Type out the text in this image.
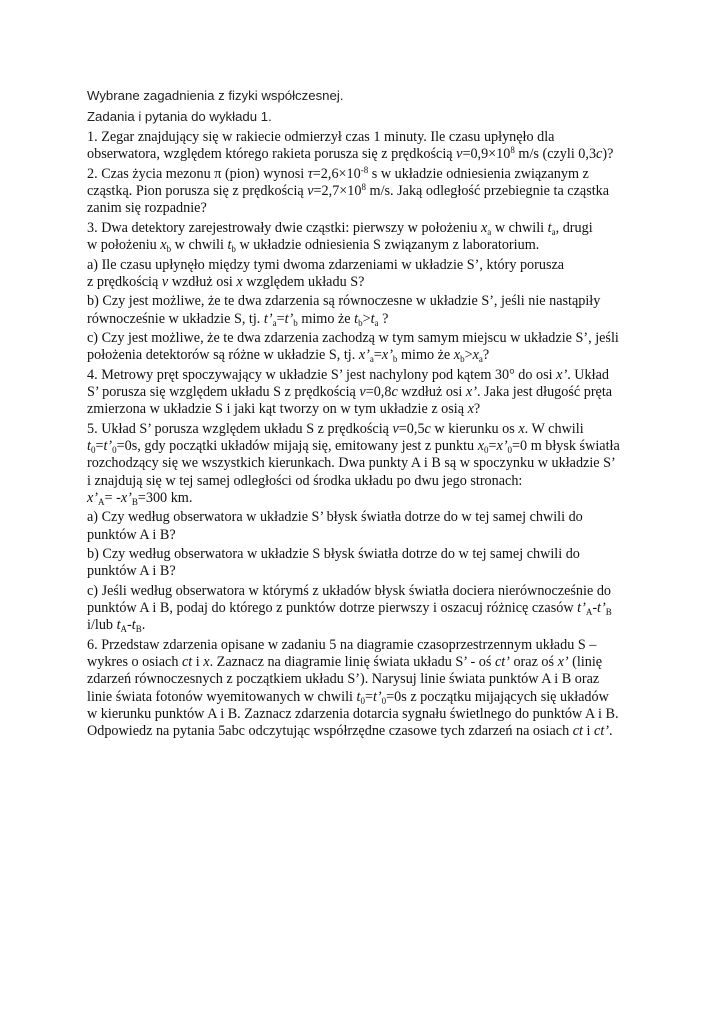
Wybrane zagadnienia z fizyki współczesnej.
Zadania i pytania do wykładu 1.
1. Zegar znajdujący się w rakiecie odmierzył czas 1 minuty. Ile czasu upłynęło dla
obserwatora, względem którego rakieta porusza się z prędkością $v=0,9\times 10^8$ m/s (czyli 0,3c)?
2. Czas życia mezonu π (pion) wynosi $\tau=2,6\times 10^{-8}$ s w układzie odniesienia związanym z
cząstką. Pion porusza się z prędkością $v=2,7\times 10^8$ m/s. Jaką odległość przebiegnie ta cząstka
zanim się rozpadnie?
3. Dwa detektory zarejestrowały dwie cząstki: pierwszy w położeniu $x_a$ w chwili $t_a$, drugi
w położeniu $x_b$ w chwili $t_b$ w układzie odniesienia S związanym z laboratorium.
a) Ile czasu upłynęło między tymi dwoma zdarzeniami w układzie S’, który porusza
z prędkością v wzdłuż osi x względem układu S?
b) Czy jest możliwe, że te dwa zdarzenia są równoczesne w układzie S’, jeśli nie nastąpiły
równocześnie w układzie S, tj. $t’_a=t’_b$ mimo że $t_b>t_a$ ?
c) Czy jest możliwe, że te dwa zdarzenia zachodzą w tym samym miejscu w układzie S’, jeśli
położenia detektorów są różne w układzie S, tj. $x’_a=x’_b$ mimo że $x_b>x_a$?
4. Metrowy pręt spoczywający w układzie S’ jest nachylony pod kątem 30° do osi x’. Układ
S’ porusza się względem układu S z prędkością v=0,8c wzdłuż osi x’. Jaka jest długość pręta
zmierzona w układzie S i jaki kąt tworzy on w tym układzie z osią x?
5. Układ S’ porusza względem układu S z prędkością v=0,5c w kierunku os x. W chwili
$t_0=t’_0=0s$, gdy początki układów mijają się, emitowany jest z punktu $x_0=x’_0=0$ m błysk światła
rozchodzący się we wszystkich kierunkach. Dwa punkty A i B są w spoczynku w układzie S’
i znajdują się w tej samej odległości od środka układu po dwu jego stronach:
$x’_A=$ $-x’_B=300$ km.
a) Czy według obserwatora w układzie S’ błysk światła dotrze do w tej samej chwili do
punktów A i B?
b) Czy według obserwatora w układzie S błysk światła dotrze do w tej samej chwili do
punktów A i B?
c) Jeśli według obserwatora w którymś z układów błysk światła dociera nierównocześnie do
punktów A i B, podaj do którego z punktów dotrze pierwszy i oszacuj różnicę czasów $t’_A-t’_B$
i/lub $t_A-t_B$.
6. Przedstaw zdarzenia opisane w zadaniu 5 na diagramie czasoprzestrzennym układu S –
wykres o osiach ct i x. Zaznacz na diagramie linię świata układu S’ - oś ct’ oraz oś x’ (linię
zdarzeń równoczesnych z początkiem układu S’). Narysuj linie świata punktów A i B oraz
linie świata fotonów wyemitowanych w chwili $t_0=t’_0=0s$ z początku mijających się układów
w kierunku punktów A i B. Zaznacz zdarzenia dotarcia sygnału świetlnego do punktów A i B.
Odpowiedz na pytania 5abc odczytując współrzędne czasowe tych zdarzeń na osiach ct i ct’.
